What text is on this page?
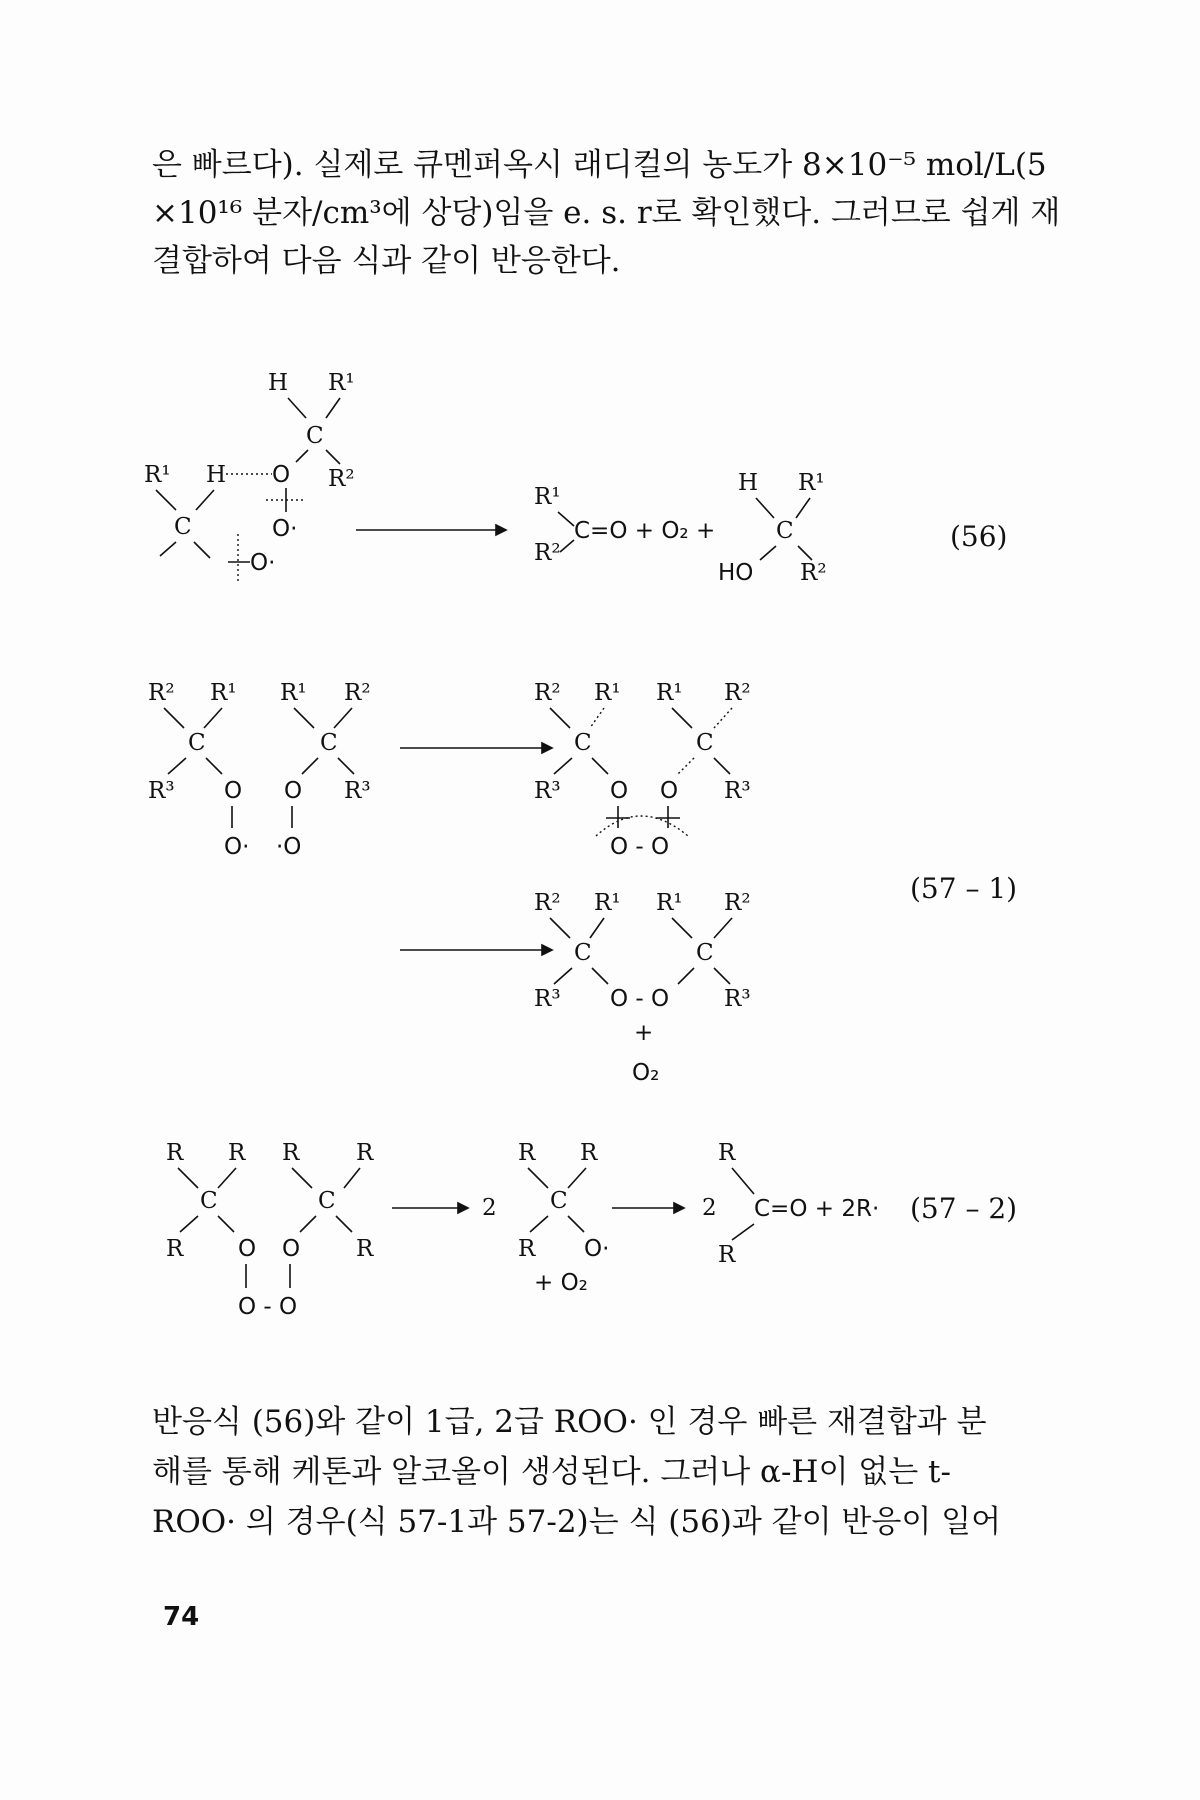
은 빠르다). 실제로 큐멘퍼옥시 래디컬의 농도가 8×10⁻⁵ mol/L(5
×10¹⁶ 분자/cm³에 상당)임을 e. s. r로 확인했다. 그러므로 쉽게 재
결합하여 다음 식과 같이 반응한다.
H R¹
C
R²
R¹ H O
C	O·
O·
R¹
C=O + O₂ +
R²
H R¹
C
HO R²
R² R¹ R¹ R²
C	C
R³ O O R³
O· ·O
R² R¹ R¹ R²
C	C
R³ O O R³
O - O
R² R¹ R¹ R²
C	C
R³ O - O R³
+
O₂
R R R R
C	C
R O O R
O - O
2
R R
C
R O·
+ O₂
2
R
C=O + 2R·
R
(56)
(57 – 1)
(57 – 2)
반응식 (56)와 같이 1급, 2급 ROO· 인 경우 빠른 재결합과 분
해를 통해 케톤과 알코올이 생성된다. 그러나 α-H이 없는 t-
ROO· 의 경우(식 57-1과 57-2)는 식 (56)과 같이 반응이 일어
74
